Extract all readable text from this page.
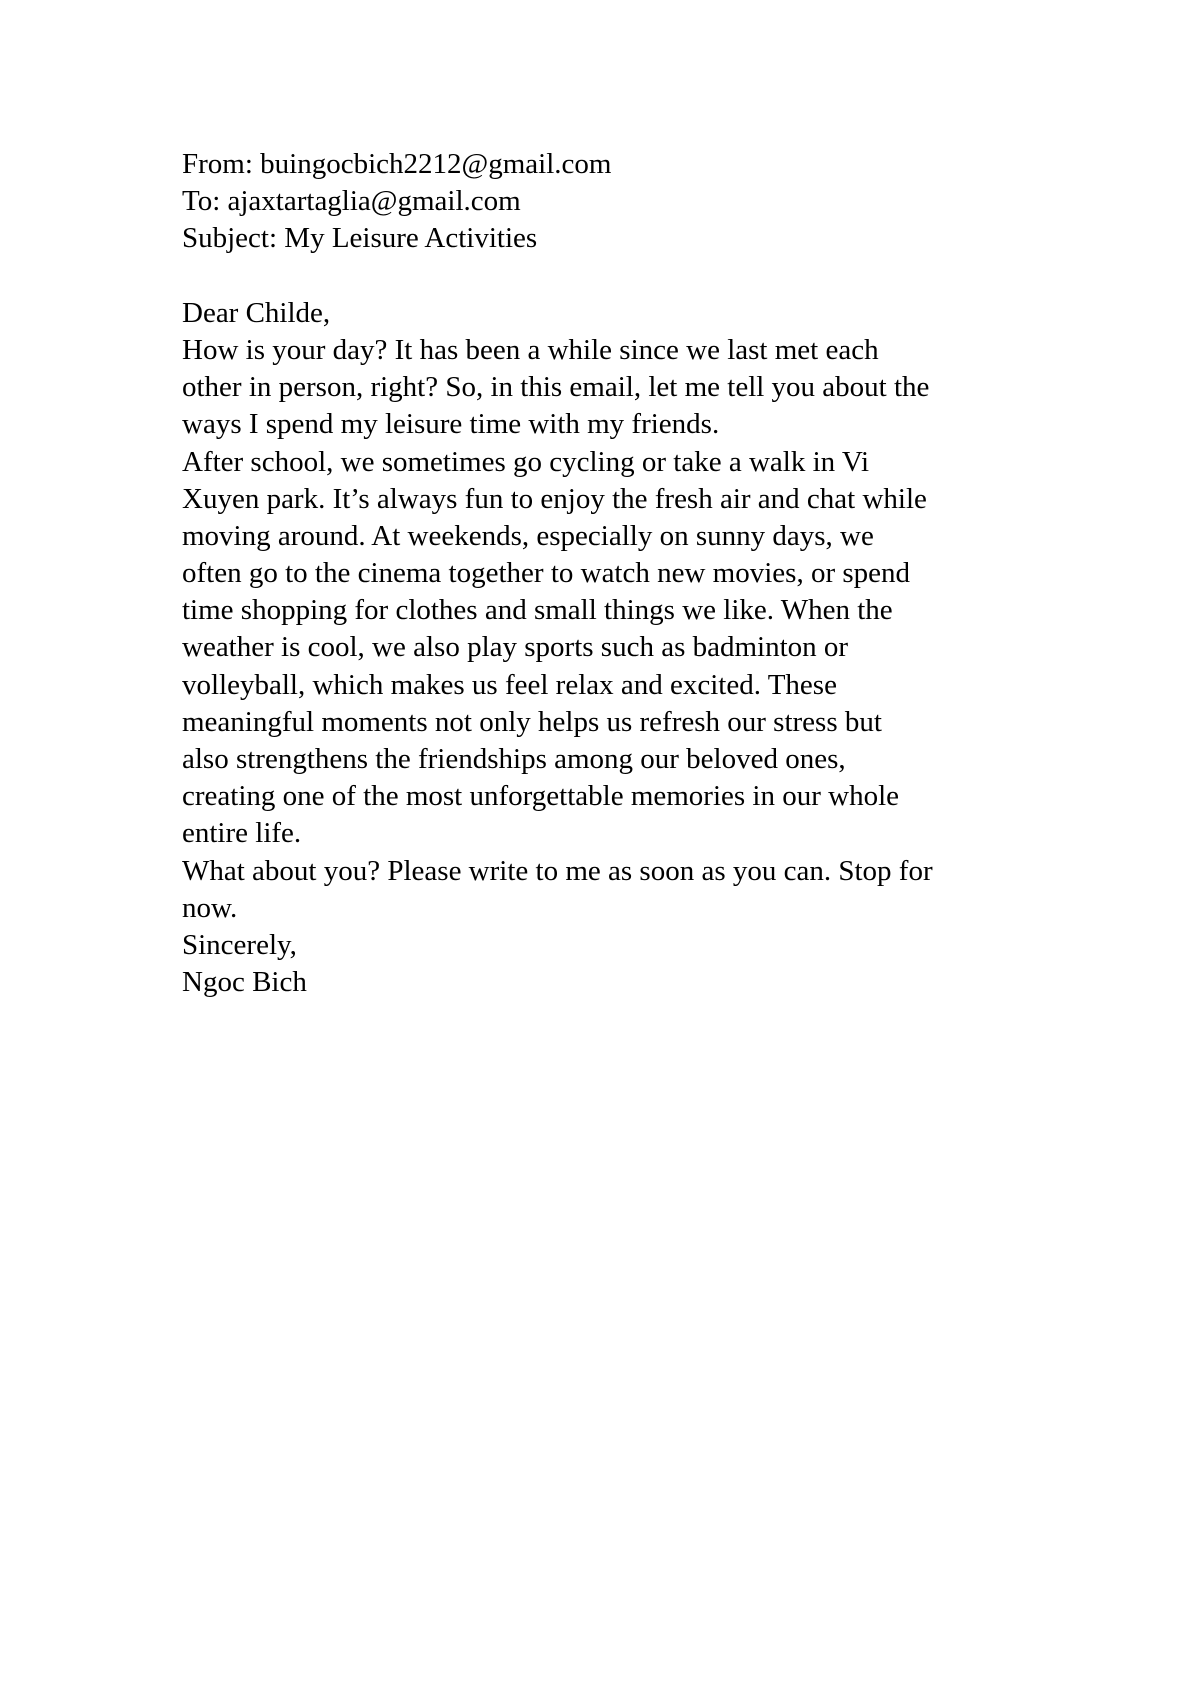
From: buingocbich2212@gmail.com
To: ajaxtartaglia@gmail.com
Subject: My Leisure Activities
Dear Childe,
How is your day? It has been a while since we last met each
other in person, right? So, in this email, let me tell you about the
ways I spend my leisure time with my friends.
After school, we sometimes go cycling or take a walk in Vi
Xuyen park. It’s always fun to enjoy the fresh air and chat while
moving around. At weekends, especially on sunny days, we
often go to the cinema together to watch new movies, or spend
time shopping for clothes and small things we like. When the
weather is cool, we also play sports such as badminton or
volleyball, which makes us feel relax and excited. These
meaningful moments not only helps us refresh our stress but
also strengthens the friendships among our beloved ones,
creating one of the most unforgettable memories in our whole
entire life.
What about you? Please write to me as soon as you can. Stop for
now.
Sincerely,
Ngoc Bich
